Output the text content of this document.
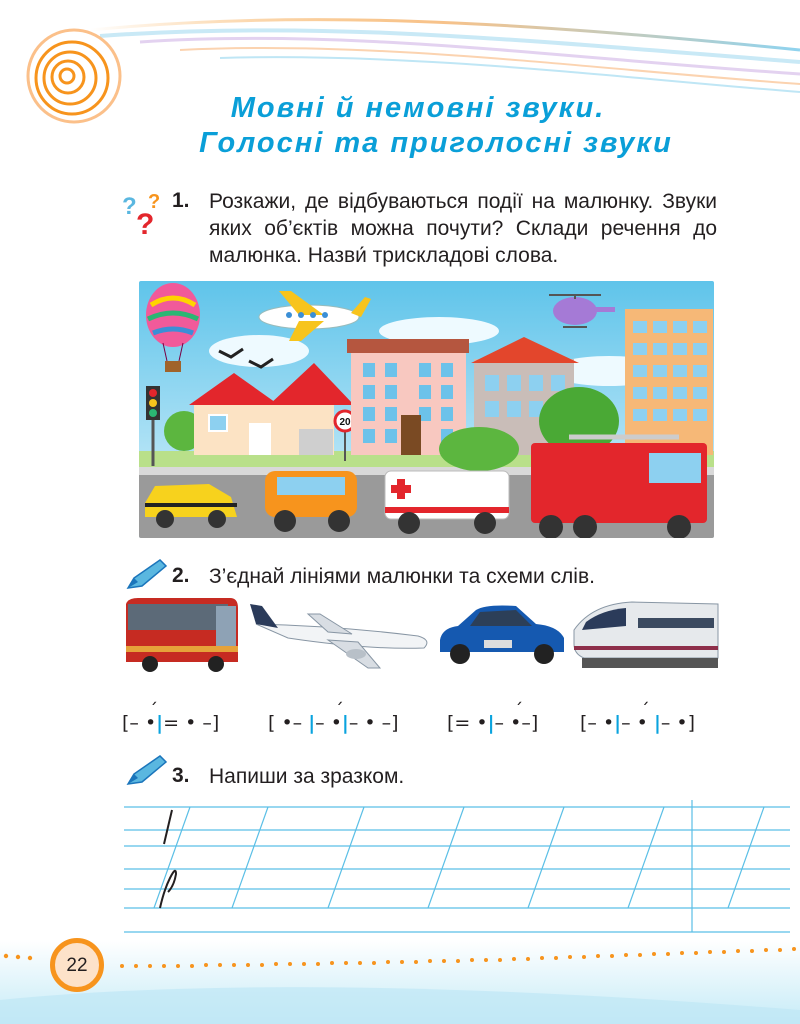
Мовні й немовні звуки.
Голосні та приголосні звуки
?
?
? 1. Розкажи, де відбуваються події на малюнку. Звуки яких об’єктів можна почути? Склади речення до малюнка. Назви́ трискладові слова.
20
2. З’єднай лініями малюнки та схеми слів.
[– • ´|= • –]	[ •– |– • ´|– • –]	[= •|– • ´–] [– •|– • ´ |– •]
3. Напиши за зразком.
22
